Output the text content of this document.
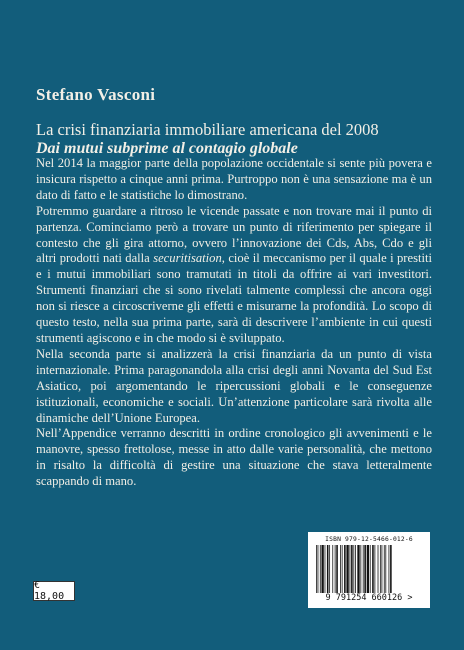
Stefano Vasconi
La crisi finanziaria immobiliare americana del 2008
Dai mutui subprime al contagio globale

Nel 2014 la maggior parte della popolazione occidentale si sente più povera e insicura rispetto a cinque anni prima. Purtroppo non è una sensazione ma è un dato di fatto e le statistiche lo dimostrano.

Potremmo guardare a ritroso le vicende passate e non trovare mai il punto di partenza. Cominciamo però a trovare un punto di riferimento per spiegare il contesto che gli gira attorno, ovvero l’innovazione dei Cds, Abs, Cdo e gli altri prodotti nati dalla securitisation, cioè il meccanismo per il quale i prestiti e i mutui immobiliari sono tramutati in titoli da offrire ai vari investitori. Strumenti finanziari che si sono rivelati talmente complessi che ancora oggi non si riesce a circoscriverne gli effetti e misurarne la profondità. Lo scopo di questo testo, nella sua prima parte, sarà di descrivere l’ambiente in cui questi strumenti agiscono e in che modo si è sviluppato.

Nella seconda parte si analizzerà la crisi finanziaria da un punto di vista internazionale. Prima paragonandola alla crisi degli anni Novanta del Sud Est Asiatico, poi argomentando le ripercussioni globali e le conseguenze istituzionali, economiche e sociali. Un’attenzione particolare sarà rivolta alle dinamiche dell’Unione Europea.

Nell’Appendice verranno descritti in ordine cronologico gli avvenimenti e le manovre, spesso frettolose, messe in atto dalle varie personalità, che mettono in risalto la difficoltà di gestire una situazione che stava letteralmente scappando di mano.

€ 18,00
ISBN 979-12-5466-012-6
9 791254 660126 >
